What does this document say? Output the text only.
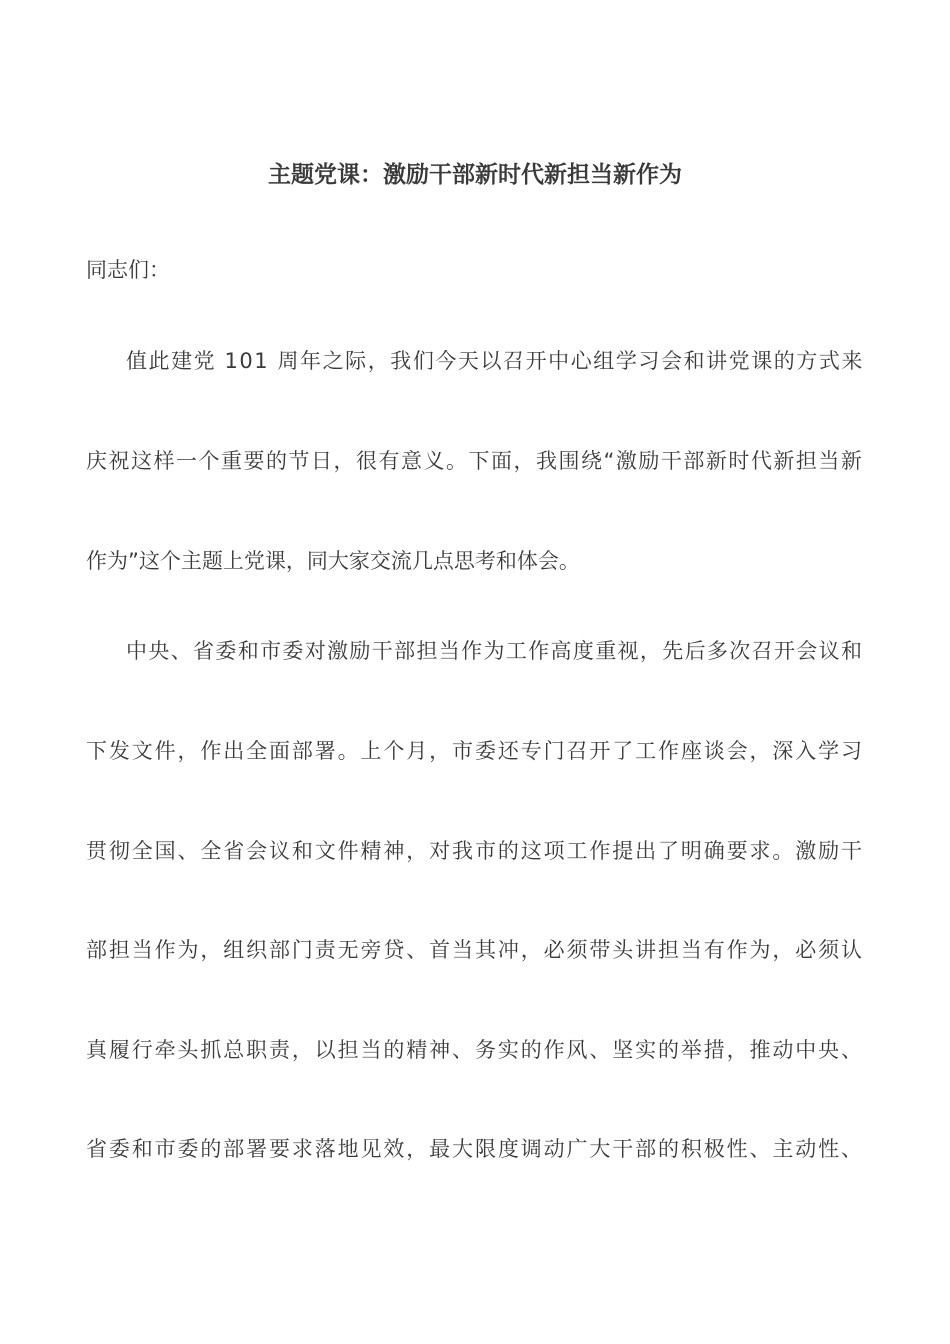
主题党课：激励干部新时代新担当新作为
同志们：
值此建党 101 周年之际，我们今天以召开中心组学习会和讲党课的方式来
庆祝这样一个重要的节日，很有意义。下面，我围绕“激励干部新时代新担当新
作为”这个主题上党课，同大家交流几点思考和体会。
中央、省委和市委对激励干部担当作为工作高度重视，先后多次召开会议和
下发文件，作出全面部署。上个月，市委还专门召开了工作座谈会，深入学习
贯彻全国、全省会议和文件精神，对我市的这项工作提出了明确要求。激励干
部担当作为，组织部门责无旁贷、首当其冲，必须带头讲担当有作为，必须认
真履行牵头抓总职责，以担当的精神、务实的作风、坚实的举措，推动中央、
省委和市委的部署要求落地见效，最大限度调动广大干部的积极性、主动性、
